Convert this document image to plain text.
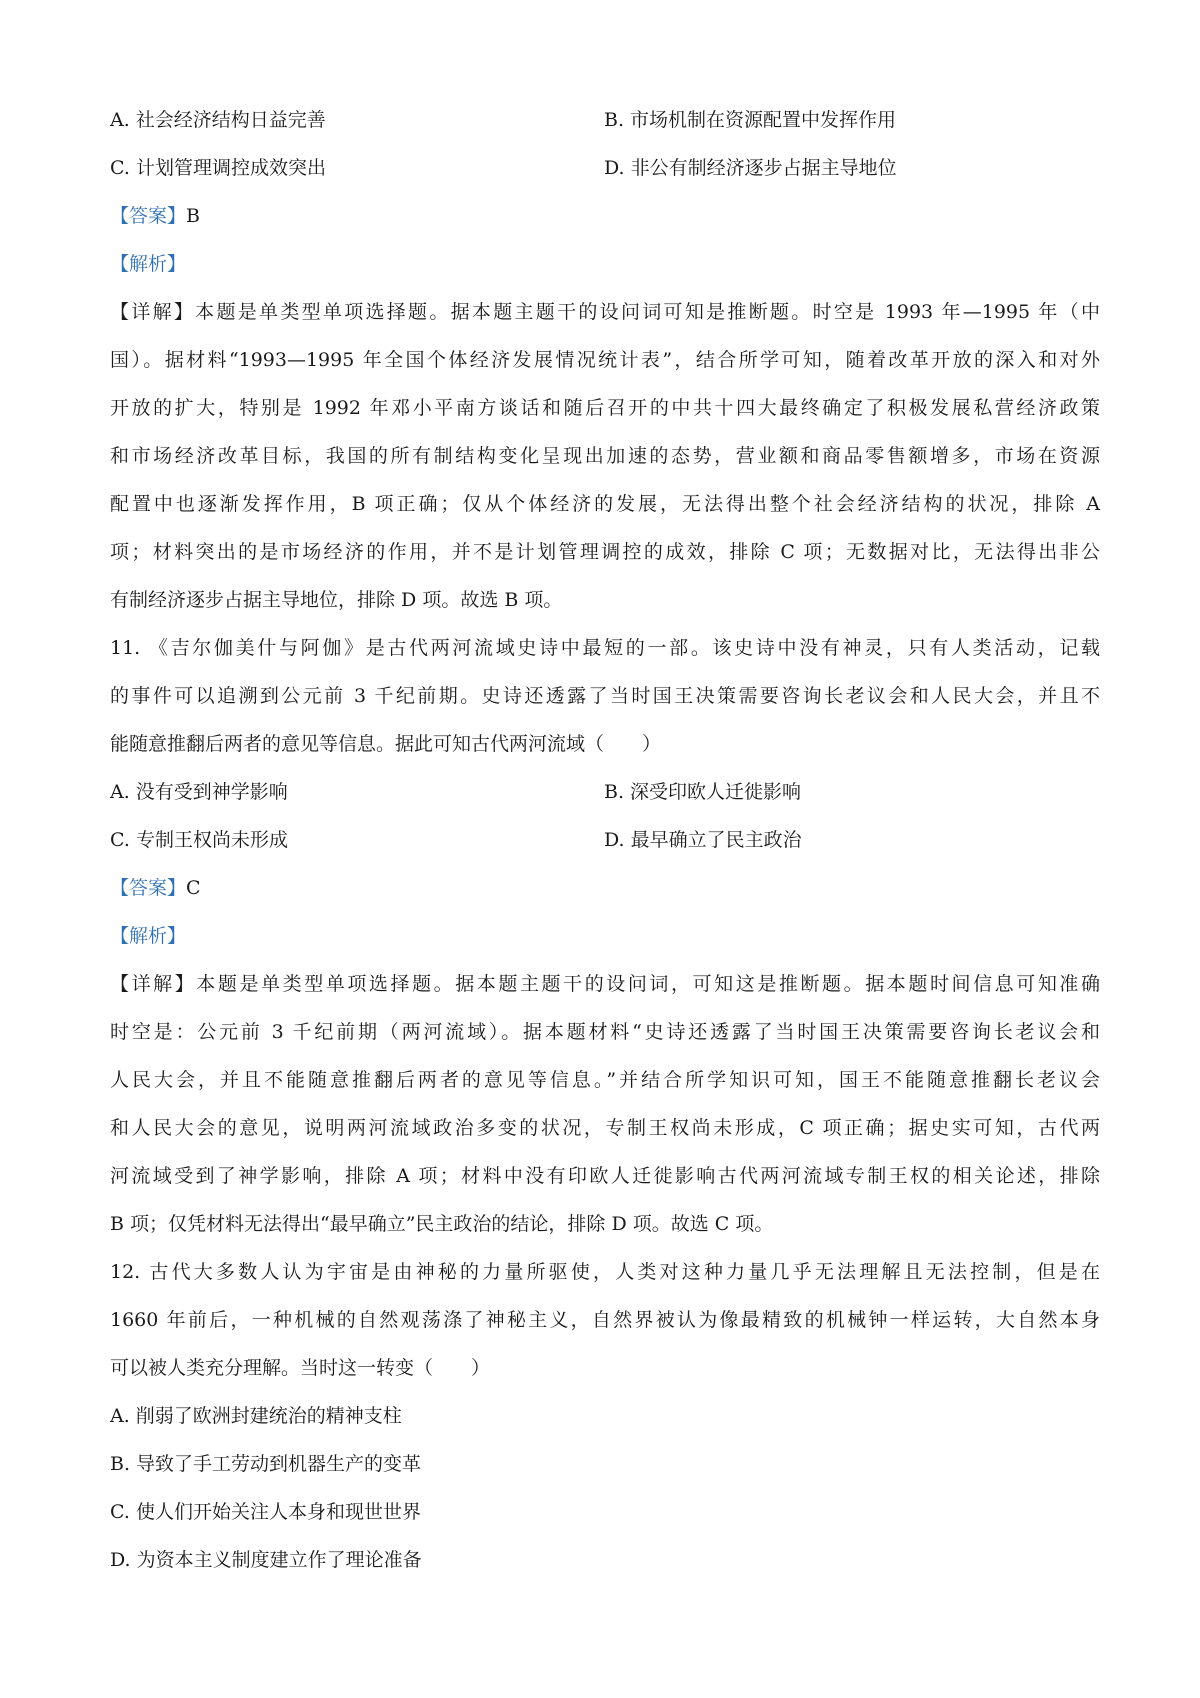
A. 社会经济结构日益完善	B. 市场机制在资源配置中发挥作用
C. 计划管理调控成效突出	D. 非公有制经济逐步占据主导地位
【答案】B
【解析】
【详解】本题是单类型单项选择题。据本题主题干的设问词可知是推断题。时空是 1993 年—1995 年（中
国）。据材料“1993—1995 年全国个体经济发展情况统计表”，结合所学可知，随着改革开放的深入和对外
开放的扩大，特别是 1992 年邓小平南方谈话和随后召开的中共十四大最终确定了积极发展私营经济政策
和市场经济改革目标，我国的所有制结构变化呈现出加速的态势，营业额和商品零售额增多，市场在资源
配置中也逐渐发挥作用，B 项正确；仅从个体经济的发展，无法得出整个社会经济结构的状况，排除 A
项；材料突出的是市场经济的作用，并不是计划管理调控的成效，排除 C 项；无数据对比，无法得出非公
有制经济逐步占据主导地位，排除 D 项。故选 B 项。
11. 《吉尔伽美什与阿伽》是古代两河流域史诗中最短的一部。该史诗中没有神灵，只有人类活动，记载
的事件可以追溯到公元前 3 千纪前期。史诗还透露了当时国王决策需要咨询长老议会和人民大会，并且不
能随意推翻后两者的意见等信息。据此可知古代两河流域（　　）
A. 没有受到神学影响	B. 深受印欧人迁徙影响
C. 专制王权尚未形成	D. 最早确立了民主政治
【答案】C
【解析】
【详解】本题是单类型单项选择题。据本题主题干的设问词，可知这是推断题。据本题时间信息可知准确
时空是：公元前 3 千纪前期（两河流域）。据本题材料“史诗还透露了当时国王决策需要咨询长老议会和
人民大会，并且不能随意推翻后两者的意见等信息。”并结合所学知识可知，国王不能随意推翻长老议会
和人民大会的意见，说明两河流域政治多变的状况，专制王权尚未形成，C 项正确；据史实可知，古代两
河流域受到了神学影响，排除 A 项；材料中没有印欧人迁徙影响古代两河流域专制王权的相关论述，排除
B 项；仅凭材料无法得出“最早确立”民主政治的结论，排除 D 项。故选 C 项。
12. 古代大多数人认为宇宙是由神秘的力量所驱使，人类对这种力量几乎无法理解且无法控制，但是在
1660 年前后，一种机械的自然观荡涤了神秘主义，自然界被认为像最精致的机械钟一样运转，大自然本身
可以被人类充分理解。当时这一转变（　　）
A. 削弱了欧洲封建统治的精神支柱
B. 导致了手工劳动到机器生产的变革
C. 使人们开始关注人本身和现世世界
D. 为资本主义制度建立作了理论准备
